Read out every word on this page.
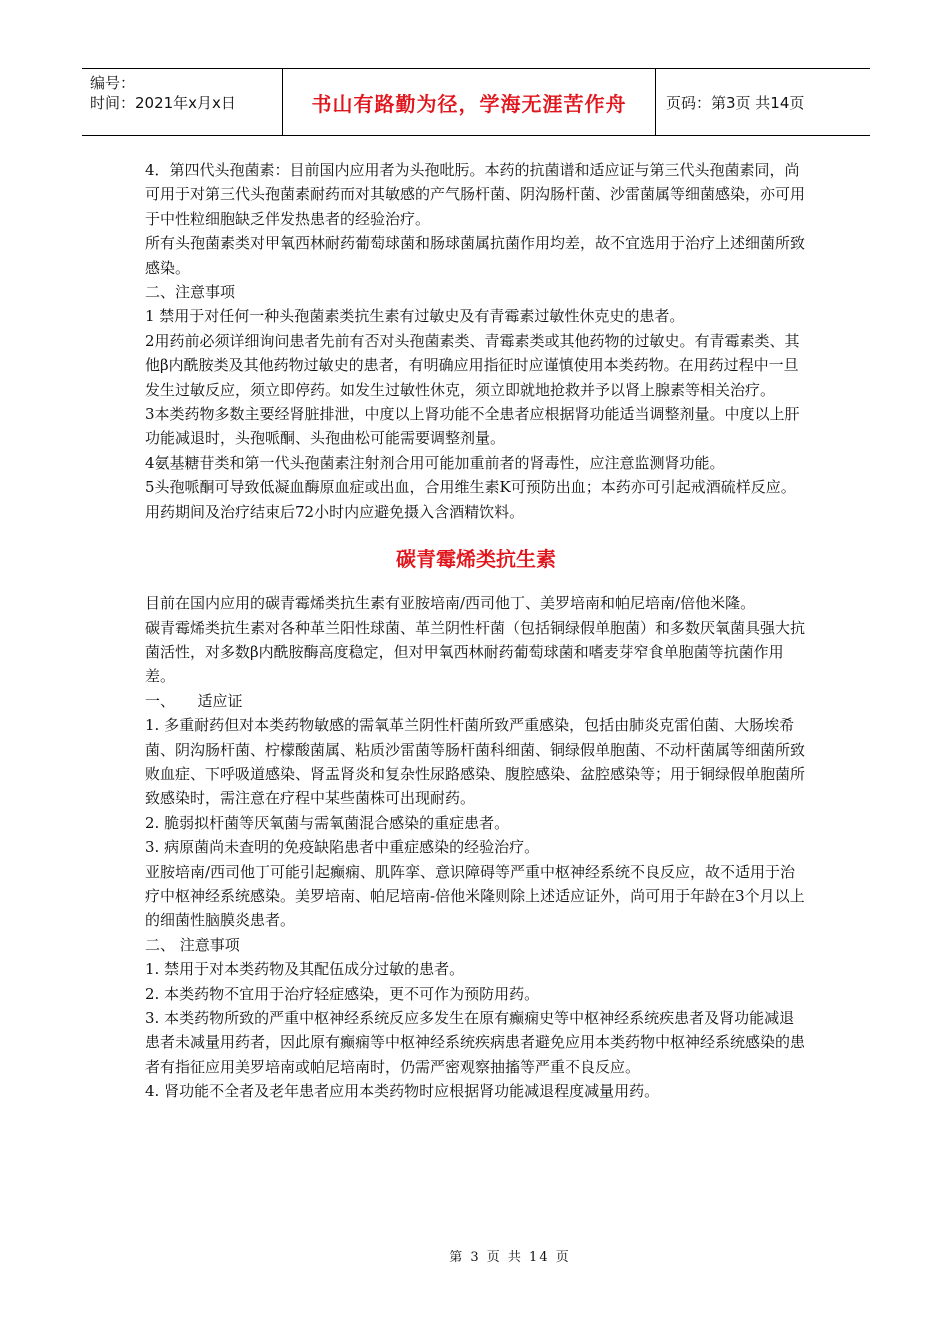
编号：
时间：2021年x月x日	书山有路勤为径，学海无涯苦作舟	页码：第3页 共14页

4．第四代头孢菌素：目前国内应用者为头孢吡肟。本药的抗菌谱和适应证与第三代头孢菌素同，尚可用于对第三代头孢菌素耐药而对其敏感的产气肠杆菌、阴沟肠杆菌、沙雷菌属等细菌感染，亦可用于中性粒细胞缺乏伴发热患者的经验治疗。

所有头孢菌素类对甲氧西林耐药葡萄球菌和肠球菌属抗菌作用均差，故不宜选用于治疗上述细菌所致感染。

二、注意事项

1 禁用于对任何一种头孢菌素类抗生素有过敏史及有青霉素过敏性休克史的患者。

2用药前必须详细询问患者先前有否对头孢菌素类、青霉素类或其他药物的过敏史。有青霉素类、其他β内酰胺类及其他药物过敏史的患者，有明确应用指征时应谨慎使用本类药物。在用药过程中一旦发生过敏反应，须立即停药。如发生过敏性休克，须立即就地抢救并予以肾上腺素等相关治疗。

3本类药物多数主要经肾脏排泄，中度以上肾功能不全患者应根据肾功能适当调整剂量。中度以上肝功能减退时，头孢哌酮、头孢曲松可能需要调整剂量。

4氨基糖苷类和第一代头孢菌素注射剂合用可能加重前者的肾毒性，应注意监测肾功能。

5头孢哌酮可导致低凝血酶原血症或出血，合用维生素K可预防出血；本药亦可引起戒酒硫样反应。用药期间及治疗结束后72小时内应避免摄入含酒精饮料。

碳青霉烯类抗生素

目前在国内应用的碳青霉烯类抗生素有亚胺培南/西司他丁、美罗培南和帕尼培南/倍他米隆。

碳青霉烯类抗生素对各种革兰阳性球菌、革兰阴性杆菌（包括铜绿假单胞菌）和多数厌氧菌具强大抗菌活性，对多数β内酰胺酶高度稳定，但对甲氧西林耐药葡萄球菌和嗜麦芽窄食单胞菌等抗菌作用差。

一、　　适应证

1. 多重耐药但对本类药物敏感的需氧革兰阴性杆菌所致严重感染，包括由肺炎克雷伯菌、大肠埃希菌、阴沟肠杆菌、柠檬酸菌属、粘质沙雷菌等肠杆菌科细菌、铜绿假单胞菌、不动杆菌属等细菌所致败血症、下呼吸道感染、肾盂肾炎和复杂性尿路感染、腹腔感染、盆腔感染等；用于铜绿假单胞菌所致感染时，需注意在疗程中某些菌株可出现耐药。

2. 脆弱拟杆菌等厌氧菌与需氧菌混合感染的重症患者。

3. 病原菌尚未查明的免疫缺陷患者中重症感染的经验治疗。

亚胺培南/西司他丁可能引起癫痫、肌阵挛、意识障碍等严重中枢神经系统不良反应，故不适用于治疗中枢神经系统感染。美罗培南、帕尼培南-倍他米隆则除上述适应证外，尚可用于年龄在3个月以上的细菌性脑膜炎患者。

二、 注意事项

1. 禁用于对本类药物及其配伍成分过敏的患者。

2. 本类药物不宜用于治疗轻症感染，更不可作为预防用药。

3. 本类药物所致的严重中枢神经系统反应多发生在原有癫痫史等中枢神经系统疾患者及肾功能减退患者未减量用药者，因此原有癫痫等中枢神经系统疾病患者避免应用本类药物中枢神经系统感染的患者有指征应用美罗培南或帕尼培南时，仍需严密观察抽搐等严重不良反应。

4. 肾功能不全者及老年患者应用本类药物时应根据肾功能减退程度减量用药。

第 3 页 共 14 页
